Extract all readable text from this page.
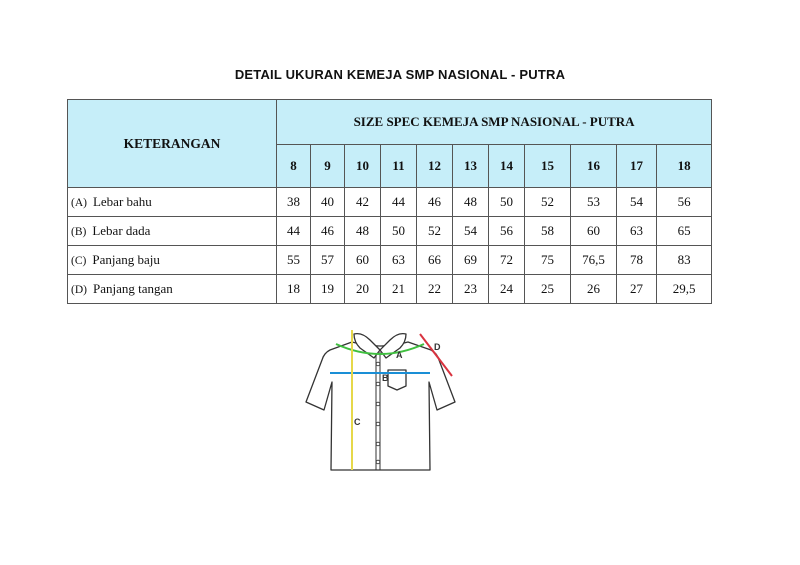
DETAIL UKURAN KEMEJA SMP NASIONAL - PUTRA
KETERANGAN	SIZE SPEC KEMEJA SMP NASIONAL - PUTRA										
	8	9	10	11	12	13	14	15	16	17	18
(A) Lebar bahu	38	40	42	44	46	48	50	52	53	54	56
(B) Lebar dada	44	46	48	50	52	54	56	58	60	63	65
(C) Panjang baju	55	57	60	63	66	69	72	75	76,5	78	83
(D) Panjang tangan	18	19	20	21	22	23	24	25	26	27	29,5
A
B
C
D
